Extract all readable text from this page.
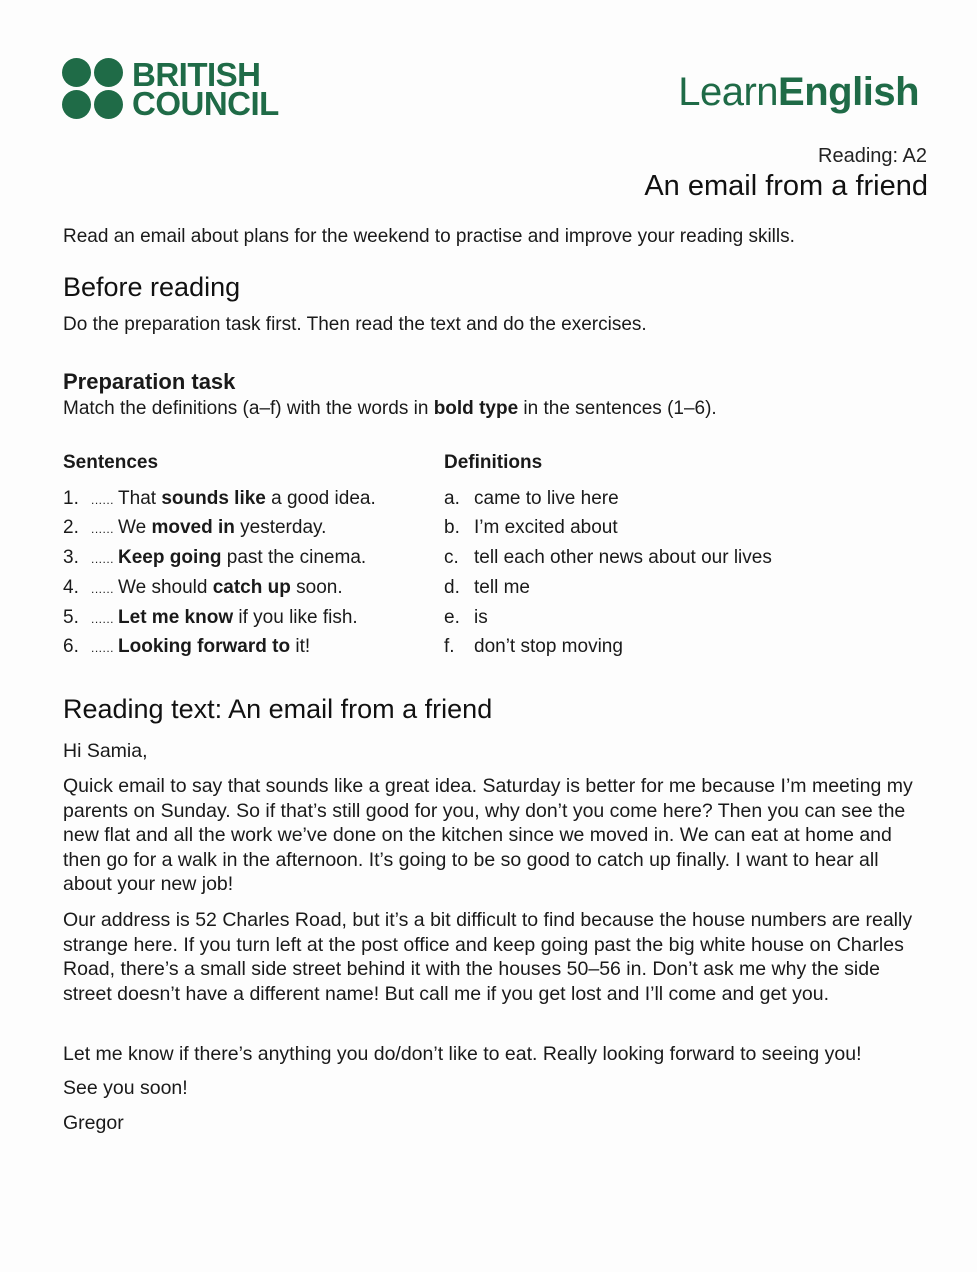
BRITISH
COUNCIL	LearnEnglish
Reading: A2
An email from a friend
Read an email about plans for the weekend to practise and improve your reading skills.
Before reading
Do the preparation task first. Then read the text and do the exercises.
Preparation task
Match the definitions (a–f) with the words in bold type in the sentences (1–6).
Sentences	Definitions
1. ...... That sounds like a good idea.
2. ...... We moved in yesterday.
3. ...... Keep going past the cinema.
4. ...... We should catch up soon.
5. ...... Let me know if you like fish.
6. ...... Looking forward to it!
a. came to live here
b. I’m excited about
c. tell each other news about our lives
d. tell me
e. is
f. don’t stop moving
Reading text: An email from a friend

Hi Samia,

Quick email to say that sounds like a great idea. Saturday is better for me because I’m meeting my parents on Sunday. So if that’s still good for you, why don’t you come here? Then you can see the new flat and all the work we’ve done on the kitchen since we moved in. We can eat at home and then go for a walk in the afternoon. It’s going to be so good to catch up finally. I want to hear all about your new job!

Our address is 52 Charles Road, but it’s a bit difficult to find because the house numbers are really strange here. If you turn left at the post office and keep going past the big white house on Charles Road, there’s a small side street behind it with the houses 50–56 in. Don’t ask me why the side street doesn’t have a different name! But call me if you get lost and I’ll come and get you.

Let me know if there’s anything you do/don’t like to eat. Really looking forward to seeing you!

See you soon!

Gregor
